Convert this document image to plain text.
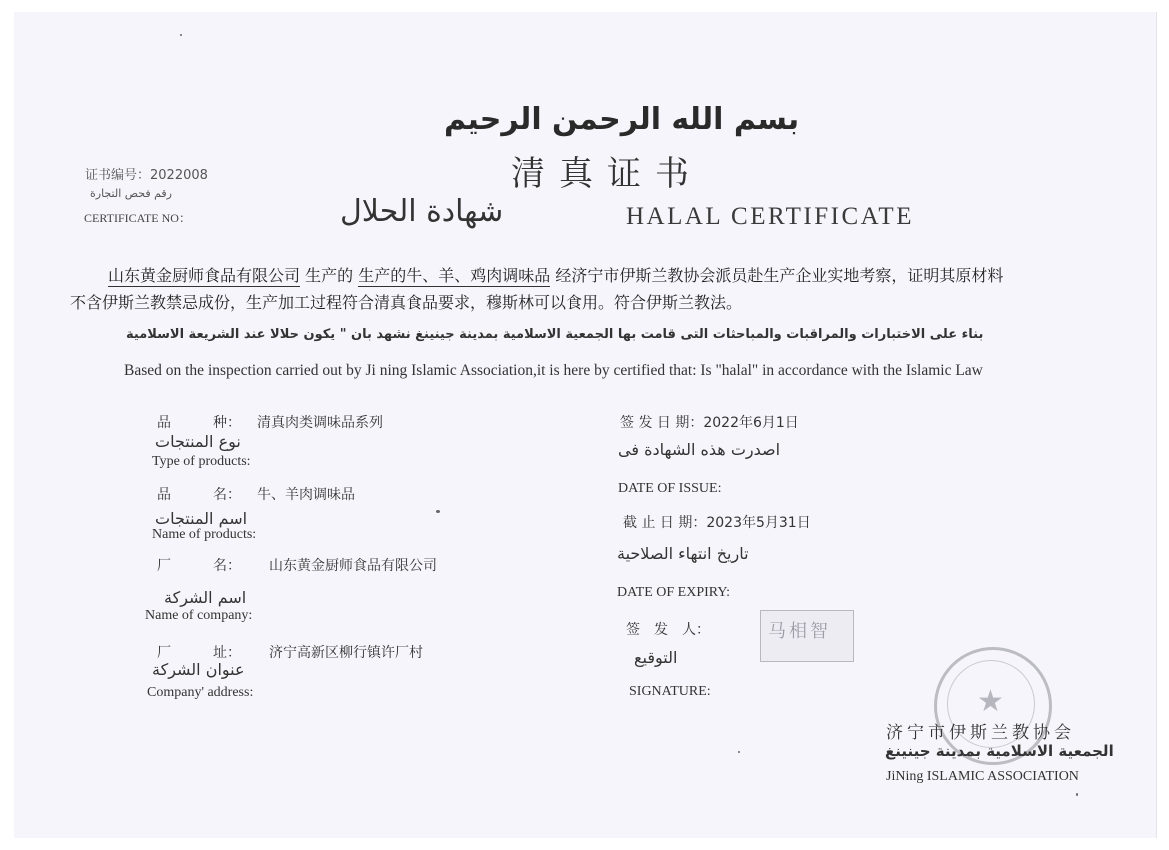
بسم الله الرحمن الرحيم
清真证书
证书编号：2022008
رقم فحص التجارة
CERTIFICATE NO：	شهادة الحلال	HALAL CERTIFICATE
山东黄金厨师食品有限公司 生产的 生产的牛、羊、鸡肉调味品 经济宁市伊斯兰教协会派员赴生产企业实地考察，证明其原材料
不含伊斯兰教禁忌成份，生产加工过程符合清真食品要求，穆斯林可以食用。符合伊斯兰教法。
بناء على الاختبارات والمراقبات والمباحثات التى قامت بها الجمعية الاسلامية بمدينة جينينغ نشهد بان " يكون حلالا عند الشريعة الاسلامية
Based on the inspection carried out by Ji ning Islamic Association,it is here by certified that: Is "halal" in accordance with the Islamic Law
品　　　种： 清真肉类调味品系列
نوع المنتجات
Type of products:
品　　　名： 牛、羊肉调味品
اسم المنتجات
Name of products:
厂　　　名： 山东黄金厨师食品有限公司
اسم الشركة
Name of company:
厂　　　址： 济宁高新区柳行镇许厂村
عنوان الشركة
Company' address:
签 发 日 期：2022年6月1日
اصدرت هذه الشهادة فى
DATE OF ISSUE:
截 止 日 期：2023年5月31日
تاريخ انتهاء الصلاحية
DATE OF EXPIRY:
签　发　人：
التوقيع
SIGNATURE:
马相智
★
济宁市伊斯兰教协会
الجمعية الاسلامية بمدينة جينينغ
JiNing ISLAMIC ASSOCIATION
